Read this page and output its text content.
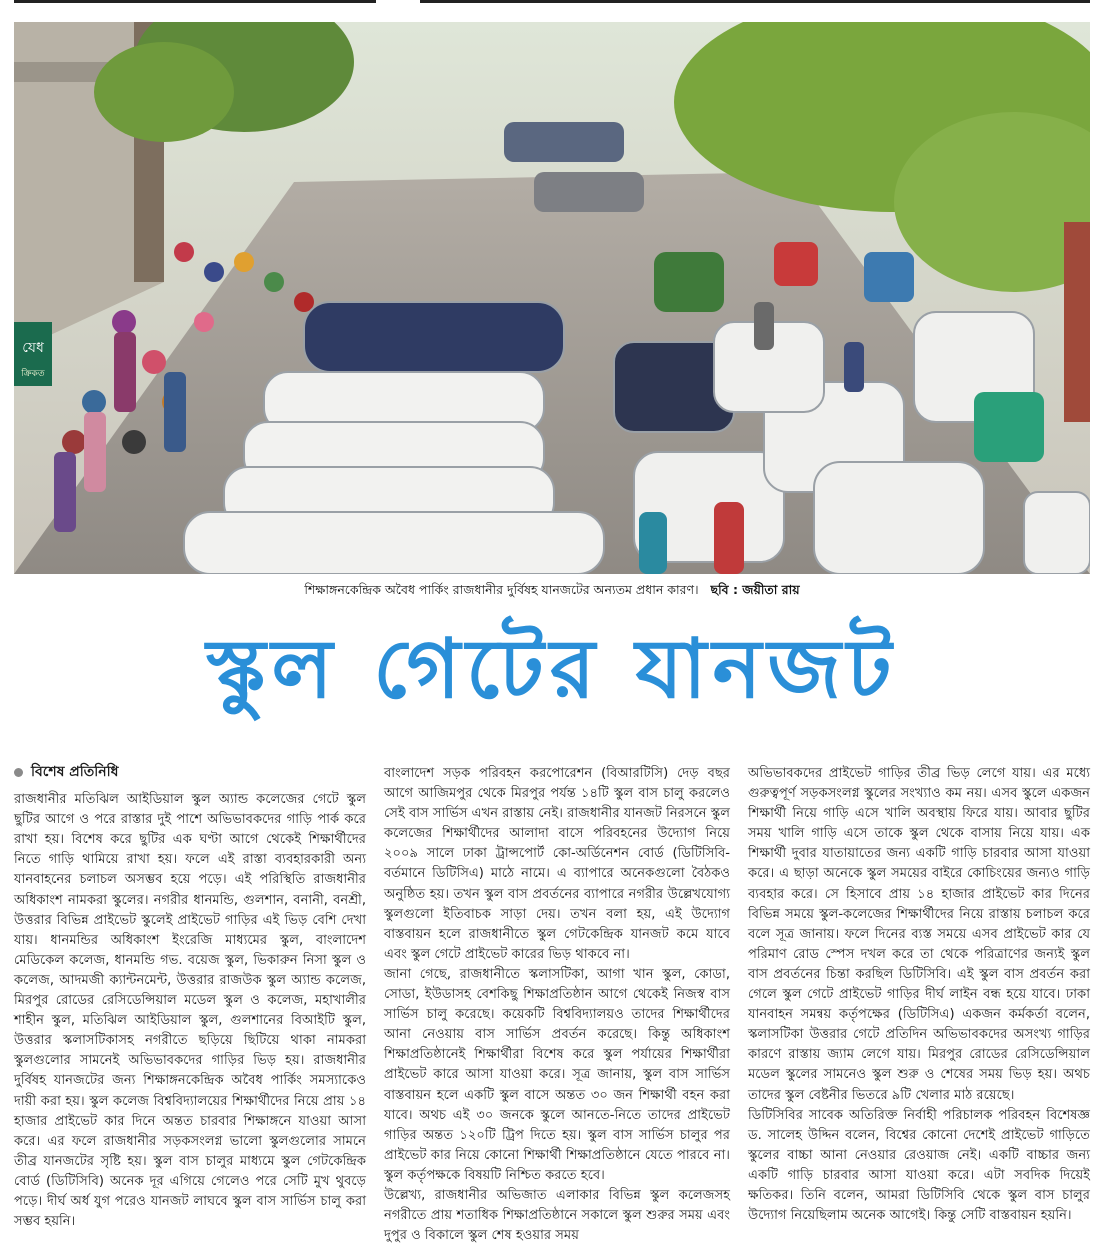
যেধ
ক্রিকত
শিক্ষাঙ্গনকেন্দ্রিক অবৈধ পার্কিং রাজধানীর দুর্বিষহ যানজটের অন্যতম প্রধান কারণ। ছবি : জয়ীতা রায়
স্কুল গেটের যানজট

বিশেষ প্রতিনিধি

রাজধানীর মতিঝিল আইডিয়াল স্কুল অ্যান্ড কলেজের গেটে স্কুল ছুটির আগে ও পরে রাস্তার দুই পাশে অভিভাবকদের গাড়ি পার্ক করে রাখা হয়। বিশেষ করে ছুটির এক ঘণ্টা আগে থেকেই শিক্ষার্থীদের নিতে গাড়ি থামিয়ে রাখা হয়। ফলে এই রাস্তা ব্যবহারকারী অন্য যানবাহনের চলাচল অসম্ভব হয়ে পড়ে। এই পরিস্থিতি রাজধানীর অধিকাংশ নামকরা স্কুলের। নগরীর ধানমন্ডি, গুলশান, বনানী, বনশ্রী, উত্তরার বিভিন্ন প্রাইভেট স্কুলেই প্রাইভেট গাড়ির এই ভিড় বেশি দেখা যায়। ধানমন্ডির অধিকাংশ ইংরেজি মাধ্যমের স্কুল, বাংলাদেশ মেডিকেল কলেজ, ধানমন্ডি গভ. বয়েজ স্কুল, ভিকারুন নিসা স্কুল ও কলেজ, আদমজী ক্যান্টনমেন্ট, উত্তরার রাজউক স্কুল অ্যান্ড কলেজ, মিরপুর রোডের রেসিডেন্সিয়াল মডেল স্কুল ও কলেজ, মহাখালীর শাহীন স্কুল, মতিঝিল আইডিয়াল স্কুল, গুলশানের বিআইটি স্কুল, উত্তরার স্কলাসটিকাসহ নগরীতে ছড়িয়ে ছিটিয়ে থাকা নামকরা স্কুলগুলোর সামনেই অভিভাবকদের গাড়ির ভিড় হয়। রাজধানীর দুর্বিষহ যানজটের জন্য শিক্ষাঙ্গনকেন্দ্রিক অবৈধ পার্কিং সমস্যাকেও দায়ী করা হয়। স্কুল কলেজ বিশ্ববিদ্যালয়ের শিক্ষার্থীদের নিয়ে প্রায় ১৪ হাজার প্রাইভেট কার দিনে অন্তত চারবার শিক্ষাঙ্গনে যাওয়া আসা করে। এর ফলে রাজধানীর সড়কসংলগ্ন ভালো স্কুলগুলোর সামনে তীব্র যানজটের সৃষ্টি হয়। স্কুল বাস চালুর মাধ্যমে স্কুল গেটকেন্দ্রিক বোর্ড (ডিটিসিবি) অনেক দূর এগিয়ে গেলেও পরে সেটি মুখ থুবড়ে পড়ে। দীর্ঘ অর্ধ যুগ পরেও যানজট লাঘবে স্কুল বাস সার্ভিস চালু করা সম্ভব হয়নি।

বাংলাদেশ সড়ক পরিবহন করপোরেশন (বিআরটিসি) দেড় বছর আগে আজিমপুর থেকে মিরপুর পর্যন্ত ১৪টি স্কুল বাস চালু করলেও সেই বাস সার্ভিস এখন রাস্তায় নেই। রাজধানীর যানজট নিরসনে স্কুল কলেজের শিক্ষার্থীদের আলাদা বাসে পরিবহনের উদ্যোগ নিয়ে ২০০৯ সালে ঢাকা ট্রান্সপোর্ট কো-অর্ডিনেশন বোর্ড (ডিটিসিবি-বর্তমানে ডিটিসিএ) মাঠে নামে। এ ব্যাপারে অনেকগুলো বৈঠকও অনুষ্ঠিত হয়। তখন স্কুল বাস প্রবর্তনের ব্যাপারে নগরীর উল্লেখযোগ্য স্কুলগুলো ইতিবাচক সাড়া দেয়। তখন বলা হয়, এই উদ্যোগ বাস্তবায়ন হলে রাজধানীতে স্কুল গেটকেন্দ্রিক যানজট কমে যাবে এবং স্কুল গেটে প্রাইভেট কারের ভিড় থাকবে না।

জানা গেছে, রাজধানীতে স্কলাসটিকা, আগা খান স্কুল, কোডা, সোডা, ইউডাসহ বেশকিছু শিক্ষাপ্রতিষ্ঠান আগে থেকেই নিজস্ব বাস সার্ভিস চালু করেছে। কয়েকটি বিশ্ববিদ্যালয়ও তাদের শিক্ষার্থীদের আনা নেওয়ায় বাস সার্ভিস প্রবর্তন করেছে। কিন্তু অধিকাংশ শিক্ষাপ্রতিষ্ঠানেই শিক্ষার্থীরা বিশেষ করে স্কুল পর্যায়ের শিক্ষার্থীরা প্রাইভেট কারে আসা যাওয়া করে। সূত্র জানায়, স্কুল বাস সার্ভিস বাস্তবায়ন হলে একটি স্কুল বাসে অন্তত ৩০ জন শিক্ষার্থী বহন করা যাবে। অথচ এই ৩০ জনকে স্কুলে আনতে-নিতে তাদের প্রাইভেট গাড়ির অন্তত ১২০টি ট্রিপ দিতে হয়। স্কুল বাস সার্ভিস চালুর পর প্রাইভেট কার নিয়ে কোনো শিক্ষার্থী শিক্ষাপ্রতিষ্ঠানে যেতে পারবে না। স্কুল কর্তৃপক্ষকে বিষয়টি নিশ্চিত করতে হবে।

উল্লেখ্য, রাজধানীর অভিজাত এলাকার বিভিন্ন স্কুল কলেজসহ নগরীতে প্রায় শতাধিক শিক্ষাপ্রতিষ্ঠানে সকালে স্কুল শুরুর সময় এবং দুপুর ও বিকালে স্কুল শেষ হওয়ার সময়

অভিভাবকদের প্রাইভেট গাড়ির তীব্র ভিড় লেগে যায়। এর মধ্যে গুরুত্বপূর্ণ সড়কসংলগ্ন স্কুলের সংখ্যাও কম নয়। এসব স্কুলে একজন শিক্ষার্থী নিয়ে গাড়ি এসে খালি অবস্থায় ফিরে যায়। আবার ছুটির সময় খালি গাড়ি এসে তাকে স্কুল থেকে বাসায় নিয়ে যায়। এক শিক্ষার্থী দুবার যাতায়াতের জন্য একটি গাড়ি চারবার আসা যাওয়া করে। এ ছাড়া অনেকে স্কুল সময়ের বাইরে কোচিংয়ের জন্যও গাড়ি ব্যবহার করে। সে হিসাবে প্রায় ১৪ হাজার প্রাইভেট কার দিনের বিভিন্ন সময়ে স্কুল-কলেজের শিক্ষার্থীদের নিয়ে রাস্তায় চলাচল করে বলে সূত্র জানায়। ফলে দিনের ব্যস্ত সময়ে এসব প্রাইভেট কার যে পরিমাণ রোড স্পেস দখল করে তা থেকে পরিত্রাণের জন্যই স্কুল বাস প্রবর্তনের চিন্তা করছিল ডিটিসিবি। এই স্কুল বাস প্রবর্তন করা গেলে স্কুল গেটে প্রাইভেট গাড়ির দীর্ঘ লাইন বন্ধ হয়ে যাবে। ঢাকা যানবাহন সমন্বয় কর্তৃপক্ষের (ডিটিসিএ) একজন কর্মকর্তা বলেন, স্কলাসটিকা উত্তরার গেটে প্রতিদিন অভিভাবকদের অসংখ্য গাড়ির কারণে রাস্তায় জ্যাম লেগে যায়। মিরপুর রোডের রেসিডেন্সিয়াল মডেল স্কুলের সামনেও স্কুল শুরু ও শেষের সময় ভিড় হয়। অথচ তাদের স্কুল বেষ্টনীর ভিতরে ৯টি খেলার মাঠ রয়েছে।

ডিটিসিবির সাবেক অতিরিক্ত নির্বাহী পরিচালক পরিবহন বিশেষজ্ঞ ড. সালেহ উদ্দিন বলেন, বিশ্বের কোনো দেশেই প্রাইভেট গাড়িতে স্কুলের বাচ্চা আনা নেওয়ার রেওয়াজ নেই। একটি বাচ্চার জন্য একটি গাড়ি চারবার আসা যাওয়া করে। এটা সবদিক দিয়েই ক্ষতিকর। তিনি বলেন, আমরা ডিটিসিবি থেকে স্কুল বাস চালুর উদ্যোগ নিয়েছিলাম অনেক আগেই। কিন্তু সেটি বাস্তবায়ন হয়নি।
